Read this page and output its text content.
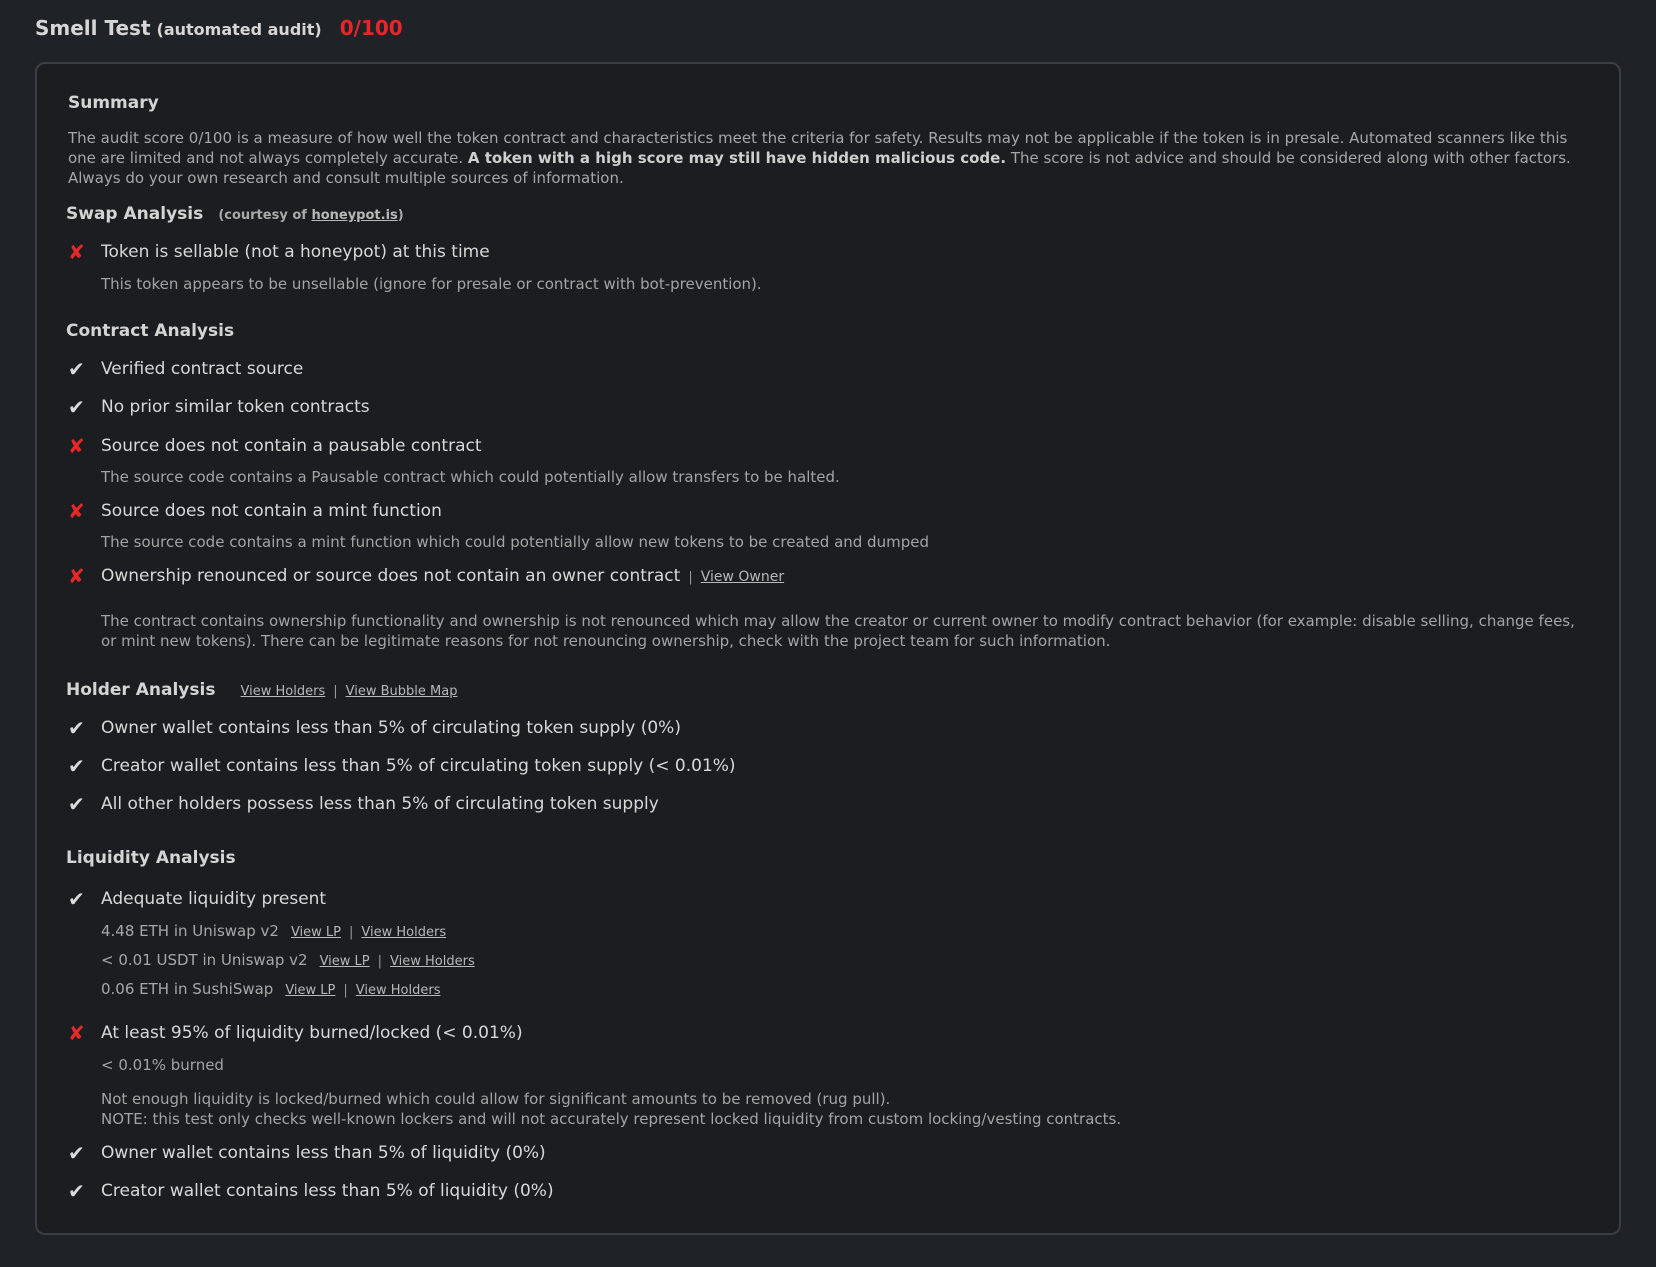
Smell Test (automated audit) 0/100
Summary
The audit score 0/100 is a measure of how well the token contract and characteristics meet the criteria for safety. Results may not be applicable if the token is in presale. Automated scanners like this one are limited and not always completely accurate. A token with a high score may still have hidden malicious code. The score is not advice and should be considered along with other factors. Always do your own research and consult multiple sources of information.
Swap Analysis (courtesy of honeypot.is)
✘ Token is sellable (not a honeypot) at this time
This token appears to be unsellable (ignore for presale or contract with bot-prevention).
Contract Analysis
✔ Verified contract source
✔ No prior similar token contracts
✘ Source does not contain a pausable contract
The source code contains a Pausable contract which could potentially allow transfers to be halted.
✘ Source does not contain a mint function
The source code contains a mint function which could potentially allow new tokens to be created and dumped
✘ Ownership renounced or source does not contain an owner contract | View Owner
The contract contains ownership functionality and ownership is not renounced which may allow the creator or current owner to modify contract behavior (for example: disable selling, change fees, or mint new tokens). There can be legitimate reasons for not renouncing ownership, check with the project team for such information.
Holder Analysis View Holders | View Bubble Map
✔ Owner wallet contains less than 5% of circulating token supply (0%)
✔ Creator wallet contains less than 5% of circulating token supply (< 0.01%)
✔ All other holders possess less than 5% of circulating token supply
Liquidity Analysis
✔ Adequate liquidity present
4.48 ETH in Uniswap v2 View LP | View Holders
< 0.01 USDT in Uniswap v2 View LP | View Holders
0.06 ETH in SushiSwap View LP | View Holders
✘ At least 95% of liquidity burned/locked (< 0.01%)
< 0.01% burned
Not enough liquidity is locked/burned which could allow for significant amounts to be removed (rug pull).
NOTE: this test only checks well-known lockers and will not accurately represent locked liquidity from custom locking/vesting contracts.
✔ Owner wallet contains less than 5% of liquidity (0%)
✔ Creator wallet contains less than 5% of liquidity (0%)
